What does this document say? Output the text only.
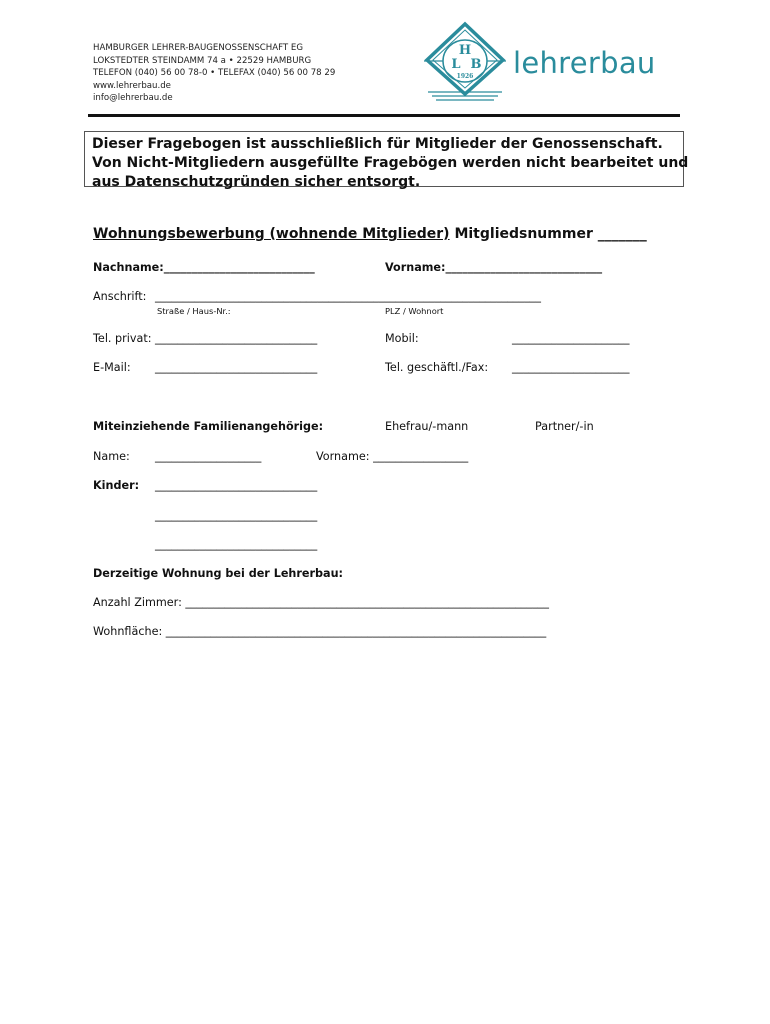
HAMBURGER LEHRER-BAUGENOSSENSCHAFT EG
LOKSTEDTER STEINDAMM 74 a • 22529 HAMBURG
TELEFON (040) 56 00 78-0 • TELEFAX (040) 56 00 78 29
www.lehrerbau.de
info@lehrerbau.de
H
L B
1926 lehrerbau
Dieser Fragebogen ist ausschließlich für Mitglieder der Genossenschaft.
Von Nicht-Mitgliedern ausgefüllte Fragebögen werden nicht bearbeitet und
aus Datenschutzgründen sicher entsorgt.
Wohnungsbewerbung (wohnende Mitglieder) Mitgliedsnummer _______
Nachname:___________________________	Vorname:____________________________
Anschrift: _____________________________________________________________________
Straße / Haus-Nr.:	PLZ / Wohnort
Tel. privat: _____________________________	Mobil:	_____________________
E-Mail: _____________________________	Tel. geschäftl./Fax: _____________________
Miteinziehende Familienangehörige:	Ehefrau/-mann	Partner/-in
Name: ___________________	Vorname: _________________
Kinder: _____________________________
_____________________________
_____________________________
Derzeitige Wohnung bei der Lehrerbau:
Anzahl Zimmer: _________________________________________________________________
Wohnfläche: ____________________________________________________________________
